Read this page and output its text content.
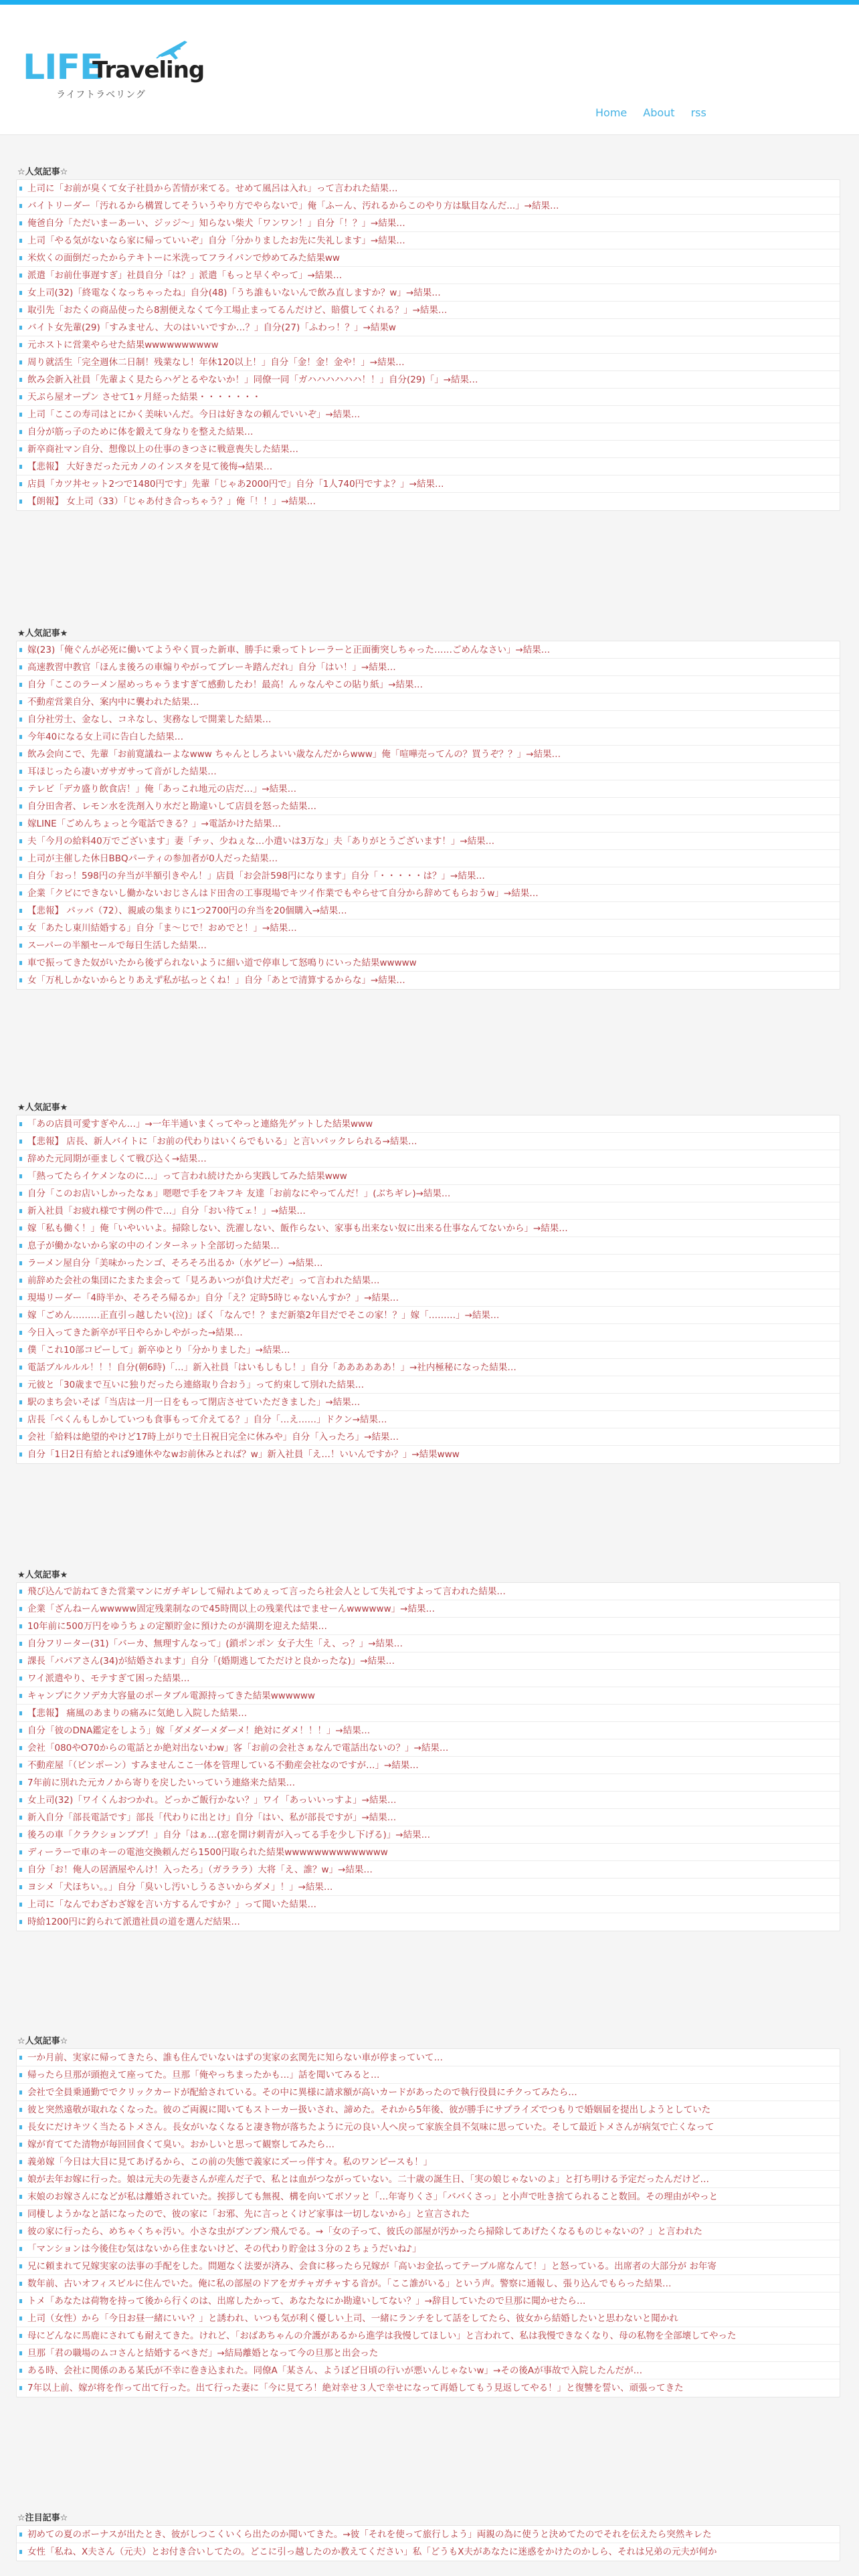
LIFE
Traveling
ライフトラベリング
Home About rss
☆人気記事☆
上司に「お前が臭くて女子社員から苦情が来てる。せめて風呂は入れ」って言われた結果…
バイトリーダー「汚れるから構置してそういうやり方でやらないで」俺「ふーん、汚れるからこのやり方は駄目なんだ...」→結果…
俺爸自分「ただいまーあーい、ジッジ～」知らない柴犬「ワンワン！」自分「！？」→結果…
上司「やる気がないなら家に帰っていいぞ」自分「分かりましたお先に失礼します」→結果…
米炊くの面倒だったからテキトーに米洗ってフライパンで炒めてみた結果ww
派遣「お前仕事遅すぎ」社員自分「は？」派遣「もっと早くやって」→結果…
女上司(32)「終電なくなっちゃったね」自分(48)「うち誰もいないんで飲み直しますか？w」→結果…
取引先「おたくの商品使ったら8割便えなくて今工場止まってるんだけど、賠償してくれる？」→結果…
バイト女先輩(29)「すみません、大のはいいですか…？」自分(27)「ふわっ！？」→結果w
元ホストに営業やらせた結果wwwwwwwwww
周り就活生「完全週休二日制！残業なし！年休120以上！」自分「金！金！金や！」→結果…
飲み会新入社員「先輩よく見たらハゲとるやないか！」同僚一同「ガハハハハハハ！！」自分(29)「」→結果…
天ぷら屋オープン させて1ヶ月経った結果・・・・・・・
上司「ここの寿司はとにかく美味いんだ。今日は好きなの頼んでいいぞ」→結果…
自分が筋っ子のために体を鍛えて身なりを整えた結果…
新卒商社マン自分、想像以上の仕事のきつさに戦意喪失した結果…
【悲報】 大好きだった元カノのインスタを見て後悔→結果…
店員「カツ丼セット2つで1480円です」先輩「じゃあ2000円で」自分「1人740円ですよ？」→結果…
【朗報】 女上司（33）「じゃあ付き合っちゃう？」俺「！！」→結果…
★人気記事★
嫁(23)「俺ぐんが必死に働いてようやく買った新車、勝手に乗ってトレーラーと正面衝突しちゃった……ごめんなさい」→結果…
高速教習中教官「ほんま後ろの車煽りやがってブレーキ踏んだれ」自分「はい！」→結果…
自分「ここのラーメン屋めっちゃうますぎて感動したわ！最高！んゥなんやこの貼り紙」→結果…
不動産営業自分、案内中に襲われた結果…
自分社労士、金なし、コネなし、実務なしで開業した結果…
今年40になる女上司に告白した結果…
飲み会向こで、先輩「お前寛議ねーよなwww ちゃんとしろよいい歳なんだからwww」俺「喧嘩売ってんの？買うぞ？？」→結果…
耳ほじったら凄いガサガサって音がした結果…
テレビ「デカ盛り飲食店！」俺「あっこれ地元の店だ…」→結果…
自分田舎者、レモン水を洗剤入り水だと勘違いして店員を怒った結果…
嫁LINE「ごめんちょっと今電話できる？」→電話かけた結果…
夫「今月の給料40万でございます」妻「チッ、少ねぇな…小遣いは3万な」夫「ありがとうございます！」→結果…
上司が主催した休日BBQパーティの参加者が0人だった結果…
自分「おっ！598円の弁当が半額引きやん！」店員「お会計598円になります」自分「・・・・・は？」→結果…
企業「クビにできないし働かないおじさんはド田舎の工事現場でキツイ作業でもやらせて自分から辞めてもらおうw」→結果…
【悲報】 パッパ（72）、親戚の集まりに1つ2700円の弁当を20個購入→結果…
女「あたし東川結婚する」自分「ま～じで！おめでと！」→結果…
スーパーの半額セールで毎日生活した結果…
車で振ってきた奴がいたから後ずられないように細い道で停車して怒鳴りにいった結果wwwww
女「万札しかないからとりあえず私が払っとくね！」自分「あとで清算するからな」→結果…
★人気記事★
「あの店員可愛すぎやん…」→一年半通いまくってやっと連絡先ゲットした結果www
【悲報】 店長、新人バイトに「お前の代わりはいくらでもいる」と言いパックレられる→結果…
辞めた元同期が亜ましくて戦び込く→結果…
「熱ってたらイケメンなのに…」って言われ続けたから実践してみた結果www
自分「このお店いしかったなぁ」嗯嗯で手をフキフキ 友達「お前なにやってんだ！」(ぶちギレ)→結果…
新入社員「お疲れ様です例の件で…」自分「おい待てェ！」→結果…
嫁「私も働く！」俺「いやいいよ。掃除しない、洗濯しない、飯作らない、家事も出来ない奴に出来る仕事なんてないから」→結果…
息子が働かないから家の中のインターネット全部切った結果…
ラーメン屋自分「美味かったンゴ、そろそろ出るか（水ゲビー）→結果…
前辞めた会社の集団にたまたま会って「見ろあいつが負け犬だぞ」って言われた結果…
現場リーダー「4時半か、そろそろ帰るか」自分「え？定時5時じゃないんすか？」→結果…
嫁「ごめん………正直引っ越したい(泣)」ぼく「なんで！？まだ新築2年目だでそこの家！？」嫁「………」→結果…
今日入ってきた新卒が平日やらかしやがった→結果…
僕「これ10部コピーして」新卒ゆとり「分かりました」→結果…
電話ブルルルル！！！自分(朝6時)「…」新入社員「はいもしもし！」自分「ああああああ！」→社内極秘になった結果…
元彼と「30歳まで互いに独りだったら連絡取り合おう」って約束して別れた結果…
駅のまち会いそば「当店は一月一日をもって閉店させていただきました」→結果…
店長「ぺくんもしかしていつも食事もって介えてる？」自分「…え……」ドクン→結果…
会社「給料は絶望的やけど17時上がりで土日祝日完全に休みや」自分「入ったろ」→結果…
自分「1日2日有給とれば9連休やなwお前休みとれば？w」新入社員「え…！いいんですか？」→結果www
★人気記事★
飛び込んで訪ねてきた営業マンにガチギレして帰れよてめぇって言ったら社会人として失礼ですよって言われた結果…
企業「ざんねーんwwwww固定残業制なので45時間以上の残業代はでませーんwwwwww」→結果…
10年前に500万円をゆうちょの定額貯金に預けたのが満期を迎えた結果…
自分フリーター(31)「バーカ、無理すんなって」(鎖ポンポン 女子大生「え、っ？」→結果…
課長「パパアさん(34)が結婚されます」自分「(婚期逃してただけと良かったな)」→結果…
ワイ派遣やり、モテすぎて困った結果…
キャンプにクソデカ大容量のポータブル電源持ってきた結果wwwwww
【悲報】 痛風のあまりの痛みに気絶し入院した結果…
自分「彼のDNA鑑定をしよう」嫁「ダメダーメダーメ！絶対にダメ！！！」→結果…
会社「080やO70からの電話とか絶対出ないわw」客「お前の会社さぁなんで電話出ないの？」→結果…
不動産屋「（ピンポーン）すみませんここ一体を管理している不動産会社なのですが…」→結果…
7年前に別れた元カノから寄りを戻したいっていう連絡来た結果…
女上司(32)「ワイくんおつかれ。どっかご飯行かない？」ワイ「あっいいっすよ」→結果…
新入自分「部長電話です」部長「代わりに出とけ」自分「はい、私が部長ですが」→結果…
後ろの車「クラクションブブ！」自分「はぁ…(窓を開け刺青が入ってる手を少し下げる)」→結果…
ディーラーで車のキーの電池交換頼んだら1500円取られた結果wwwwwwwwwwwwww
自分「お！俺人の居酒屋やんけ！入ったろ」（ガラララ）大将「え、誰？w」→結果…
ヨシメ「犬ほちい。。」自分「臭いし汚いしうるさいからダメ」！」→結果…
上司に「なんでわざわざ嫁を言い方するんですか？」って聞いた結果…
時給1200円に釣られて派遣社員の道を選んだ結果…
☆人気記事☆
一か月前、実家に帰ってきたら、誰も住んでいないはずの実家の玄関先に知らない車が停まっていて…
帰ったら旦那が頭抱えて座ってた。旦那「俺やっちまったかも…」話を聞いてみると…
会社で全員乗通勤ででクリックカードが配給されている。その中に異様に請求額が高いカードがあったので執行役員にチクってみたら…
彼と突然遠敬が取れなくなった。彼のご両親に聞いてもストーカー扱いされ、諦めた。それから5年後、彼が勝手にサプライズでつもりで婚姻届を提出しようとしていた
長女にだけキツく当たるトメさん。長女がいなくなると凄き物が落ちたように元の良い人へ戻って家族全員不気味に思っていた。そして最近トメさんが病気で亡くなって
嫁が育ててた清物が毎回回食くて臭い。おかしいと思って観察してみたら…
義弟嫁「今日は大目に見てあげるから、この前の失態で義家にズーっ伴す々。私のワンピースも！」
娘が去年お嫁に行った。娘は元夫の先妻さんが産んだ子で、私とは血がつながっていない。二十歳の誕生日、「実の娘じゃないのよ」と打ち明ける予定だったんだけど…
末娘のお嫁さんになどが私は離婚されていた。挨拶しても無視、構を向いてボソッと「…年寄りくさ」「ババくさっ」と小声で吐き捨てられること数回。その理由がやっと
同棲しようかなと話になったので、彼の家に「お邪、先に言っとくけど家事は一切しないから」と宣言された
彼の家に行ったら、めちゃくちゃ汚い。小さな虫がブンブン飛んでる。→「女の子って、彼氏の部屋が汚かったら掃除してあげたくなるものじゃないの？」と言われた
「マンションは今後住む気はないから住まないけど、その代わり貯金は３分の２ちょうだいね♪」
兄に頼まれて兄嫁実家の法事の手配をした。問題なく法要が済み、会食に移ったら兄嫁が「高いお金払ってテーブル席なんて！」と怒っている。出席者の大部分が お年寄
数年前、古いオフィスビルに住んでいた。俺に私の部屋のドアをガチャガチャする音が。「ここ誰がいる」という声。警察に通報し、張り込んでもらった結果…
トメ「あなたは荷物を持って後から行くのは、出席したかって、あなたなにか勘違いしてない？」→辞目していたので旦那に聞かせたら…
上司（女性）から「今日お昼一緒にいい？」と誘われ、いつも気が利く優しい上司、一緒にランチをして話をしてたら、彼女から結婚したいと思わないと聞かれ
母にどんなに馬鹿にされても耐えてきた。けれど、「おばあちゃんの介護があるから進学は我慢してほしい」と言われて、私は我慢できなくなり、母の私物を全部壊してやった
旦那「君の職場のムコさんと結婚するべきだ」→結局離婚となって今の旦那と出会った
ある時、会社に関係のある某氏が不幸に巻き込まれた。同僚A「某さん、ようぼど日頃の行いが悪いんじゃないw」→その後Aが事故で入院したんだが…
7年以上前、嫁が将を作って出て行った。出て行った妻に「今に見てろ！絶対幸せ３人で幸せになって再婚してもう見返してやる！」と復讐を誓い、頑張ってきた
☆注目記事☆
初めての夏のボーナスが出たとき、彼がしつこくいくら出たのか聞いてきた。→彼「それを使って旅行しよう」両親の為に使うと決めてたのでそれを伝えたら突然キレた
女性「私ね、X夫さん（元夫）とお付き合いしてたの。どこに引っ越したのか教えてください」私「どうもX夫があなたに迷惑をかけたのかしら、それは兄弟の元夫が何か
